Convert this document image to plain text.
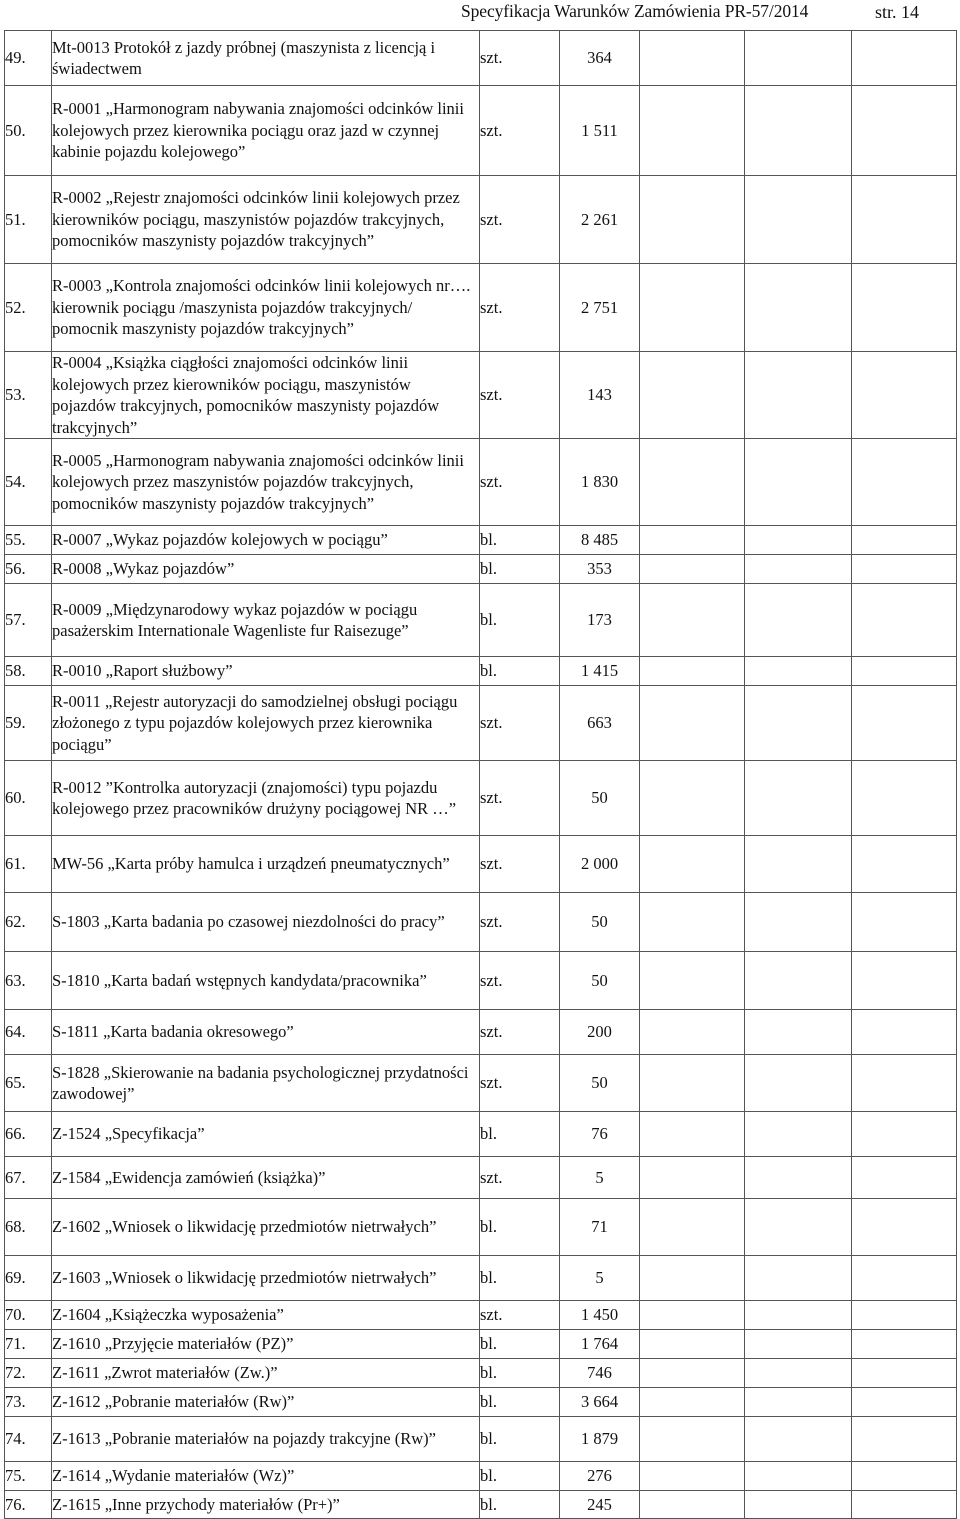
Specyfikacja Warunków Zamówienia PR-57/2014	str. 14
49.	Mt-0013 Protokół z jazdy próbnej (maszynista z licencją i świadectwem	szt.	364			
50.	R-0001 „Harmonogram nabywania znajomości odcinków linii kolejowych przez kierownika pociągu oraz jazd w czynnej kabinie pojazdu kolejowego”	szt.	1 511			
51.	R-0002 „Rejestr znajomości odcinków linii kolejowych przez kierowników pociągu, maszynistów pojazdów trakcyjnych, pomocników maszynisty pojazdów trakcyjnych”	szt.	2 261			
52.	R-0003 „Kontrola znajomości odcinków linii kolejowych nr…. kierownik pociągu /maszynista pojazdów trakcyjnych/ pomocnik maszynisty pojazdów trakcyjnych”	szt.	2 751			
53.	R-0004 „Książka ciągłości znajomości odcinków linii kolejowych przez kierowników pociągu, maszynistów pojazdów trakcyjnych, pomocników maszynisty pojazdów trakcyjnych”	szt.	143			
54.	R-0005 „Harmonogram nabywania znajomości odcinków linii kolejowych przez maszynistów pojazdów trakcyjnych, pomocników maszynisty pojazdów trakcyjnych”	szt.	1 830			
55.	R-0007 „Wykaz pojazdów kolejowych w pociągu”	bl.	8 485			
56.	R-0008 „Wykaz pojazdów”	bl.	353			
57.	R-0009 „Międzynarodowy wykaz pojazdów w pociągu pasażerskim Internationale Wagenliste fur Raisezuge”	bl.	173			
58.	R-0010 „Raport służbowy”	bl.	1 415			
59.	R-0011 „Rejestr autoryzacji do samodzielnej obsługi pociągu złożonego z typu pojazdów kolejowych przez kierownika pociągu”	szt.	663			
60.	R-0012 ”Kontrolka autoryzacji (znajomości) typu pojazdu kolejowego przez pracowników drużyny pociągowej NR …”	szt.	50			
61.	MW-56 „Karta próby hamulca i urządzeń pneumatycznych”	szt.	2 000			
62.	S-1803 „Karta badania po czasowej niezdolności do pracy”	szt.	50			
63.	S-1810 „Karta badań wstępnych kandydata/pracownika”	szt.	50			
64.	S-1811 „Karta badania okresowego”	szt.	200			
65.	S-1828 „Skierowanie na badania psychologicznej przydatności zawodowej”	szt.	50			
66.	Z-1524 „Specyfikacja”	bl.	76			
67.	Z-1584 „Ewidencja zamówień (książka)”	szt.	5			
68.	Z-1602 „Wniosek o likwidację przedmiotów nietrwałych”	bl.	71			
69.	Z-1603 „Wniosek o likwidację przedmiotów nietrwałych”	bl.	5			
70.	Z-1604 „Książeczka wyposażenia”	szt.	1 450			
71.	Z-1610 „Przyjęcie materiałów (PZ)”	bl.	1 764			
72.	Z-1611 „Zwrot materiałów (Zw.)”	bl.	746			
73.	Z-1612 „Pobranie materiałów (Rw)”	bl.	3 664			
74.	Z-1613 „Pobranie materiałów na pojazdy trakcyjne (Rw)”	bl.	1 879			
75.	Z-1614 „Wydanie materiałów (Wz)”	bl.	276			
76.	Z-1615 „Inne przychody materiałów (Pr+)”	bl.	245			
